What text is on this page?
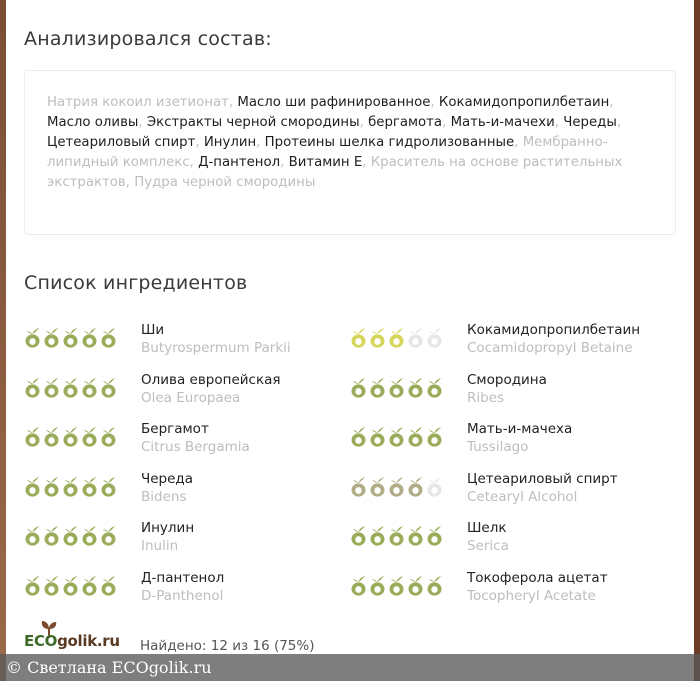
Анализировался состав:
Натрия кокоил изетионат, Масло ши рафинированное, Кокамидопропилбетаин, Масло оливы, Экстракты черной смородины, бергамота, Мать-и-мачехи, Череды, Цетеариловый спирт, Инулин, Протеины шелка гидролизованные, Мембранно-липидный комплекс, Д-пантенол, Витамин Е, Краситель на основе растительных экстрактов, Пудра черной смородины
Список ингредиентов
Ши
Butyrospermum Parkii
Олива европейская
Olea Europaea
Бергамот
Citrus Bergamia
Череда
Bidens
Инулин
Inulin
Д-пантенол
D-Panthenol
Кокамидопропилбетаин
Cocamidopropyl Betaine
Смородина
Ribes
Мать-и-мачеха
Tussilago
Цетеариловый спирт
Cetearyl Alcohol
Шелк
Serica
Токоферола ацетат
Tocopheryl Acetate
ECOgolik.ru Найдено: 12 из 16 (75%)
© Светлана ECOgolik.ru
